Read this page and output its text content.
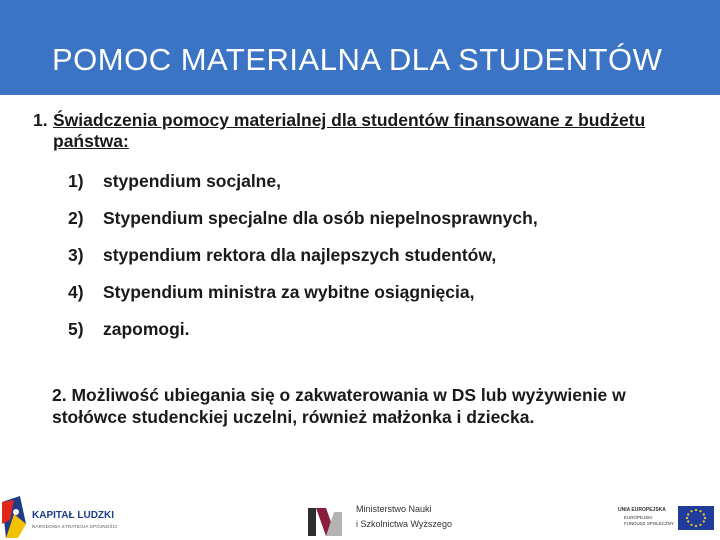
POMOC MATERIALNA DLA STUDENTÓW
1. Świadczenia pomocy materialnej dla studentów finansowane z budżetu państwa:
1) stypendium socjalne,
2) Stypendium specjalne dla osób niepelnosprawnych,
3) stypendium rektora dla najlepszych studentów,
4) Stypendium ministra za wybitne osiągnięcia,
5) zapomogi.
2. Możliwość ubiegania się o zakwaterowania w DS lub wyżywienie w stołówce studenckiej uczelni, również małżonka i dziecka.
KAPITAŁ LUDZKI
NARODOWA STRATEGIA SPÓJNOŚCI
Ministerstwo Nauki
i Szkolnictwa Wyższego
UNIA EUROPEJSKA
EUROPEJSKI
FUNDUSZ SPOŁECZNY
